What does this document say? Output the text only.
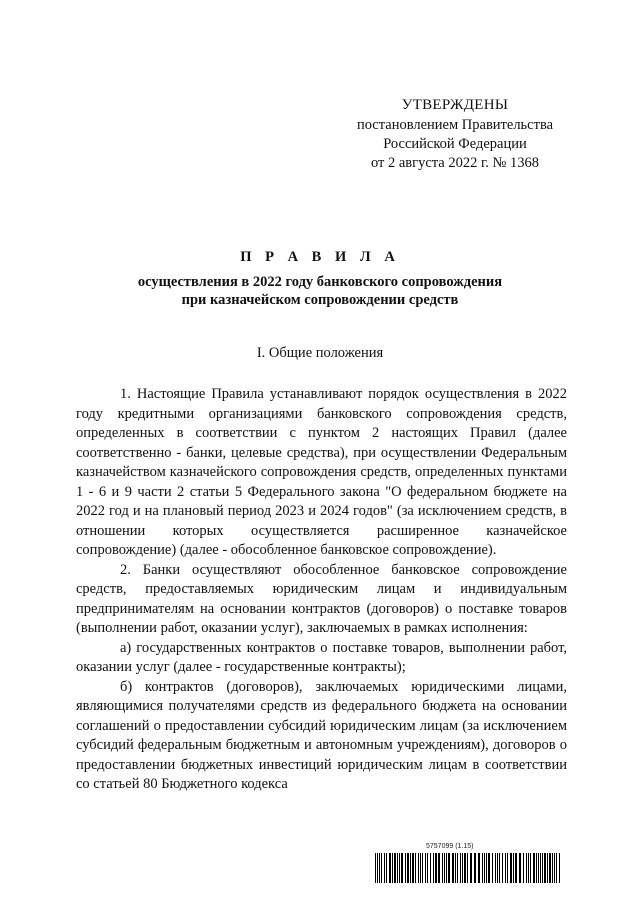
УТВЕРЖДЕНЫ
постановлением Правительства
Российской Федерации
от 2 августа 2022 г. № 1368
П Р А В И Л А
осуществления в 2022 году банковского сопровождения
при казначейском сопровождении средств
I. Общие положения

1. Настоящие Правила устанавливают порядок осуществления в 2022 году кредитными организациями банковского сопровождения средств, определенных в соответствии с пунктом 2 настоящих Правил (далее соответственно - банки, целевые средства), при осуществлении Федеральным казначейством казначейского сопровождения средств, определенных пунктами 1 - 6 и 9 части 2 статьи 5 Федерального закона "О федеральном бюджете на 2022 год и на плановый период 2023 и 2024 годов" (за исключением средств, в отношении которых осуществляется расширенное казначейское сопровождение) (далее - обособленное банковское сопровождение).

2. Банки осуществляют обособленное банковское сопровождение средств, предоставляемых юридическим лицам и индивидуальным предпринимателям на основании контрактов (договоров) о поставке товаров (выполнении работ, оказании услуг), заключаемых в рамках исполнения:

а) государственных контрактов о поставке товаров, выполнении работ, оказании услуг (далее - государственные контракты);

б) контрактов (договоров), заключаемых юридическими лицами, являющимися получателями средств из федерального бюджета на основании соглашений о предоставлении субсидий юридическим лицам (за исключением субсидий федеральным бюджетным и автономным учреждениям), договоров о предоставлении бюджетных инвестиций юридическим лицам в соответствии со статьей 80 Бюджетного кодекса

5757099 (1.15)
